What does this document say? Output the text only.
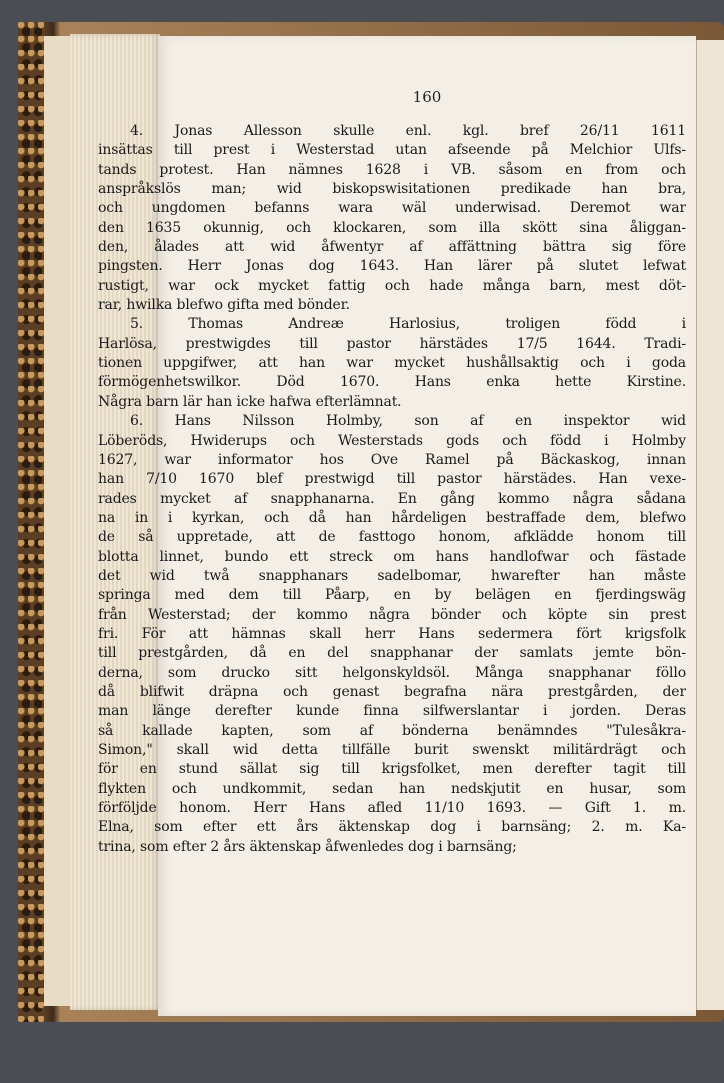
160
4. Jonas Allesson skulle enl. kgl. bref 26/11 1611
insättas till prest i Westerstad utan afseende på Melchior Ulfs-
tands protest. Han nämnes 1628 i VB. såsom en from och
anspråkslös man; wid biskopswisitationen predikade han bra,
och ungdomen befanns wara wäl underwisad. Deremot war
den 1635 okunnig, och klockaren, som illa skött sina åliggan-
den, ålades att wid åfwentyr af affättning bättra sig före
pingsten. Herr Jonas dog 1643. Han lärer på slutet lefwat
rustigt, war ock mycket fattig och hade många barn, mest döt-
rar, hwilka blefwo gifta med bönder.
5. Thomas Andreæ Harlosius, troligen född i
Harlösa, prestwigdes till pastor härstädes 17/5 1644. Tradi-
tionen uppgifwer, att han war mycket hushållsaktig och i goda
förmögenhetswilkor. Död 1670. Hans enka hette Kirstine.
Några barn lär han icke hafwa efterlämnat.
6. Hans Nilsson Holmby, son af en inspektor wid
Löberöds, Hwiderups och Westerstads gods och född i Holmby
1627, war informator hos Ove Ramel på Bäckaskog, innan
han 7/10 1670 blef prestwigd till pastor härstädes. Han vexe-
rades mycket af snapphanarna. En gång kommo några sådana
na in i kyrkan, och då han hårdeligen bestraffade dem, blefwo
de så uppretade, att de fasttogo honom, afklädde honom till
blotta linnet, bundo ett streck om hans handlofwar och fästade
det wid twå snapphanars sadelbomar, hwarefter han måste
springa med dem till Påarp, en by belägen en fjerdingswäg
från Westerstad; der kommo några bönder och köpte sin prest
fri. För att hämnas skall herr Hans sedermera fört krigsfolk
till prestgården, då en del snapphanar der samlats jemte bön-
derna, som drucko sitt helgonskyldsöl. Många snapphanar föllo
då blifwit dräpna och genast begrafna nära prestgården, der
man länge derefter kunde finna silfwerslantar i jorden. Deras
så kallade kapten, som af bönderna benämndes "Tulesåkra-
Simon," skall wid detta tillfälle burit swenskt militärdrägt och
för en stund sällat sig till krigsfolket, men derefter tagit till
flykten och undkommit, sedan han nedskjutit en husar, som
förföljde honom. Herr Hans afled 11/10 1693. — Gift 1. m.
Elna, som efter ett års äktenskap dog i barnsäng; 2. m. Ka-
trina, som efter 2 års äktenskap åfwenledes dog i barnsäng;
